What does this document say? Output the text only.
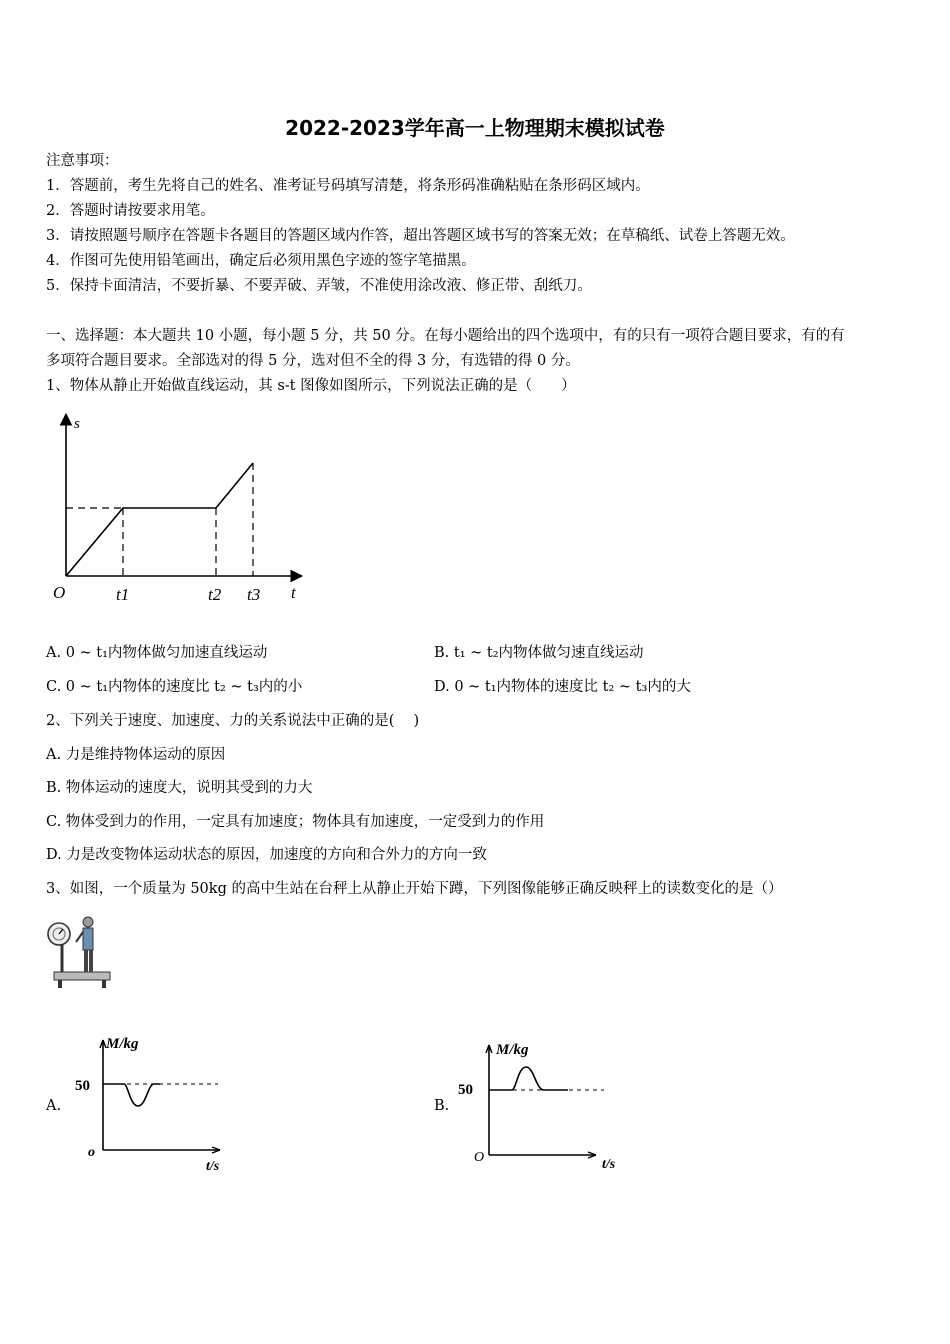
2022-2023学年高一上物理期末模拟试卷
注意事项：
1．答题前，考生先将自己的姓名、准考证号码填写清楚，将条形码准确粘贴在条形码区域内。
2．答题时请按要求用笔。
3．请按照题号顺序在答题卡各题目的答题区域内作答，超出答题区域书写的答案无效；在草稿纸、试卷上答题无效。
4．作图可先使用铅笔画出，确定后必须用黑色字迹的签字笔描黑。
5．保持卡面清洁，不要折暴、不要弄破、弄皱，不准使用涂改液、修正带、刮纸刀。
一、选择题：本大题共 10 小题，每小题 5 分，共 50 分。在每小题给出的四个选项中，有的只有一项符合题目要求，有的有
多项符合题目要求。全部选对的得 5 分，选对但不全的得 3 分，有选错的得 0 分。
1、物体从静止开始做直线运动，其 s-t 图像如图所示，下列说法正确的是（　　）
s
t
O	t1	t2 t3
A. 0 ~ t₁内物体做匀加速直线运动	B. t₁ ~ t₂内物体做匀速直线运动
C. 0 ~ t₁内物体的速度比 t₂ ~ t₃内的小	D. 0 ~ t₁内物体的速度比 t₂ ~ t₃内的大
2、下列关于速度、加速度、力的关系说法中正确的是(　 )
A. 力是维持物体运动的原因
B. 物体运动的速度大，说明其受到的力大
C. 物体受到力的作用，一定具有加速度；物体具有加速度，一定受到力的作用
D. 力是改变物体运动状态的原因，加速度的方向和合外力的方向一致
3、如图，一个质量为 50kg 的高中生站在台秤上从静止开始下蹲，下列图像能够正确反映秤上的读数变化的是（）
A.
M/kg
t/s
50
o
B.
M/kg
t/s
50
O
